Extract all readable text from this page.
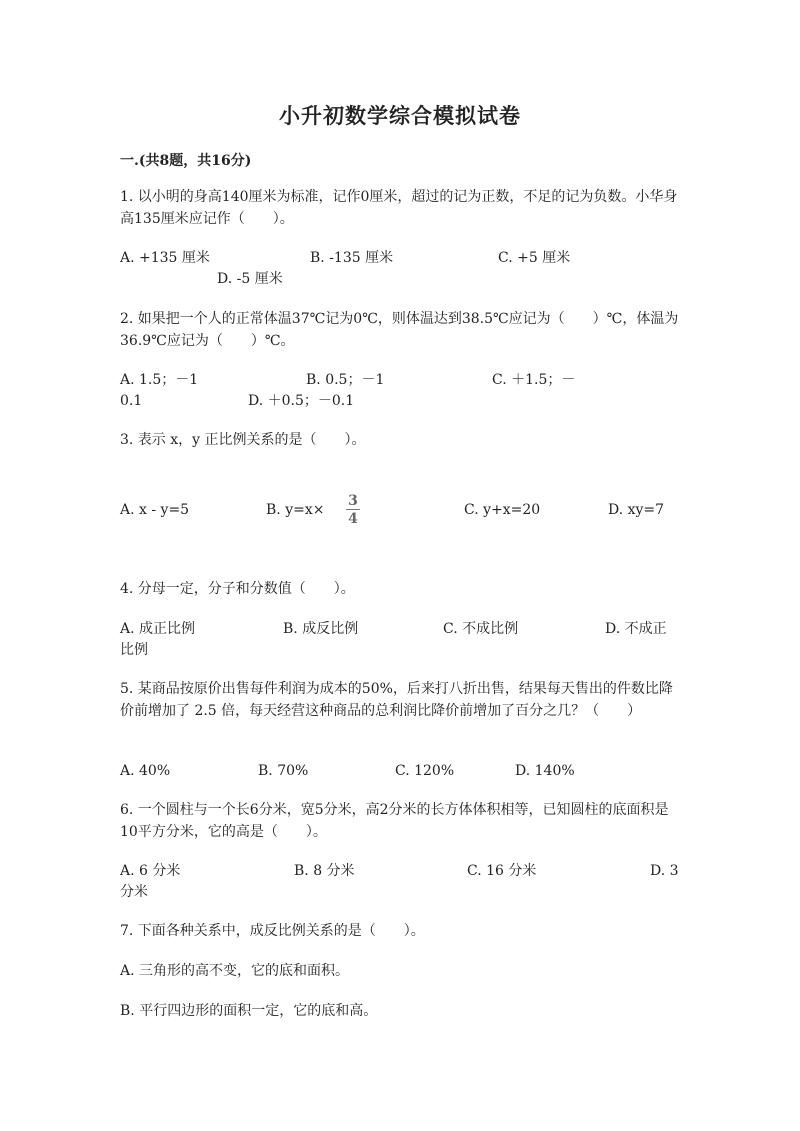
小升初数学综合模拟试卷
一.(共8题，共16分)
1. 以小明的身高140厘米为标准，记作0厘米，超过的记为正数，不足的记为负数。小华身高135厘米应记作（　　）。
A. +135 厘米	B. -135 厘米	C. +5 厘米
D. -5 厘米
2. 如果把一个人的正常体温37℃记为0℃，则体温达到38.5℃应记为（　　）℃，体温为36.9℃应记为（　　）℃。
A. 1.5；－1	B. 0.5；－1	C. ＋1.5；－
0.1	D. ＋0.5；－0.1
3. 表示 x，y 正比例关系的是（　　）。
A. x - y=5	B. y=x×
3
4
C. y+x=20	D. xy=7
4. 分母一定，分子和分数值（　　）。
A. 成正比例	B. 成反比例	C. 不成比例	D. 不成正
比例
5. 某商品按原价出售每件利润为成本的50%，后来打八折出售，结果每天售出的件数比降价前增加了 2.5 倍，每天经营这种商品的总利润比降价前增加了百分之几？（　　）
A. 40%	B. 70%	C. 120%	D. 140%
6. 一个圆柱与一个长6分米，宽5分米，高2分米的长方体体积相等，已知圆柱的底面积是10平方分米，它的高是（　　）。
A. 6 分米	B. 8 分米	C. 16 分米	D. 3
分米
7. 下面各种关系中，成反比例关系的是（　　）。
A. 三角形的高不变，它的底和面积。
B. 平行四边形的面积一定，它的底和高。
